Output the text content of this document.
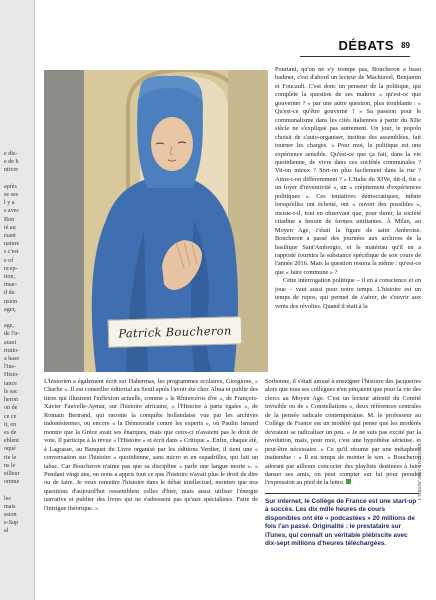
e dis-
e de h
ntiver

après
se ses
l y a
s avec
Bon
ié au
rsant
nature
s c'est
e of
ncep-
tion,
imar-
d du
nsion
ager,

age,
de l'ir-
aussi
rtutio-
a base
l'ins-
Histo-
tance
le sac
heron
on de
ce ce
it, en
es de
eblent
oqué
rie le
ns le
eilleur
omme

les
mais
ssion
e-Sup
al
DÉBATS 89
Patrick Boucheron

Pourtant, qu'on ne s'y trompe pas, Boucheron a beau badiner, c'est d'abord un lecteur de Machiavel, Benjamin et Foucault. C'est donc un penseur de la politique, qui complète la question de ses maîtres « qu'est-ce que gouverner ? » par une autre question, plus troublante : « Qu'est-ce qu'être gouverné ? » Sa passion pour le communalisme dans les cités italiennes à partir du XIIe siècle ne s'explique pas autrement. Un jour, le popolo choisit de s'auto-organiser, institue des assemblées, fait tourner les charges. « Pour moi, la politique est une expérience sensible. Qu'est-ce que ça fait, dans la vie quotidienne, de vivre dans ces sociétés communales ? Vit-on mieux ? Sort-on plus facilement dans la rue ? Aime-t-on différemment ? » L'Italie du XIVe, dit-il, fut « un foyer d'inventivité », un « crépitement d'expériences politiques ». Ces tentatives démocratiques, même lorsqu'elles ont échoué, ont « ouvert des possibles », insiste-t-il, tout en observant que, pour durer, la société citadine a besoin de formes unifiantes. À Milan, au Moyen Age, c'était la figure de saint Ambroise. Boucheron a passé des journées aux archives de la basilique Sant'Ambrogio, et le matériau qu'il en a rapporté fournira la substance spécifique de son cours de l'année 2016. Mais la question restera la même : qu'est-ce que « faire commune » ?

Cette interrogation politique – il en a conscience et en joue – vaut aussi pour notre temps. L'histoire est un temps de repos, qui permet de s'aérer, de s'ouvrir aux vents des révoltes. Quand il était à la

L'historien a également écrit sur Habermas, les programmes scolaires, Giorgione, « Charlie ». Il est conseiller éditorial au Seuil après l'avoir été chez Alma et publie des titres qui illustrent l'inflexion actuelle, comme « le Rhinocéros d'or », de François-Xavier Fauvelle-Aymar, sur l'histoire africaine, « l'Histoire à parts égales », de Romain Bertrand, qui raconte la conquête hollandaise vue par les archives indonésiennes, ou encore « la Démocratie contre les experts », où Paulin Ismard montre que la Grèce avait ses énarques, mais que ceux-ci n'avaient pas le droit de vote. Il participe à la revue « l'Histoire » et écrit dans « Critique ». Enfin, chaque été, à Lagrasse, au Banquet du Livre organisé par les éditions Verdier, il tient une « conversation sur l'histoire » quotidienne, sans micro et en espadrilles, qui fait un tabac. Car Boucheron n'aime pas que sa discipline « parle une langue morte ». « Pendant vingt ans, on nous a appris tout ce que l'histoire n'avait plus le droit de dire ou de faire. Je veux remettre l'histoire dans le débat intellectuel, montrer que nos questions d'aujourd'hui ressemblent celles d'hier, mais aussi utiliser l'énergie narrative et publier des livres qui ne s'adressent pas qu'aux spécialistes. Faire de l'intrigue théorique. »

Sorbonne, il s'était amusé à enseigner l'histoire des jacqueries alors que tous ses collègues n'en pinçaient que pour la vie des clercs au Moyen Age. C'est un lecteur attentif du Comité invisible ou de « Constellations », deux références centrales de la pensée radicale contemporaine. M. le professeur au Collège de France est un modéré qui pense que les modérés devraient se radicaliser un peu. « Je ne suis pas excité par la révolution, mais, pour moi, c'est une hypothèse sérieuse, et peut-être nécessaire. » Ce qu'il résume par une métaphore inattendue : « Il est temps de monter le son. » Boucheron adorant par ailleurs concocter des playlists destinées à faire danser ses amis, on peut compter sur lui pour prendre l'expression au pied de la lettre.

Sur internet, le Collège de France est une start-up à succès. Les dix mille heures de cours disponibles ont été « podcastées » 20 millions de fois l'an passé. Originalité : le prestataire sur iTunes, qui connaît un véritable plébiscite avec dix-sept millions d'heures téléchargées.
L'OBS/N°2667-17/12/2015
